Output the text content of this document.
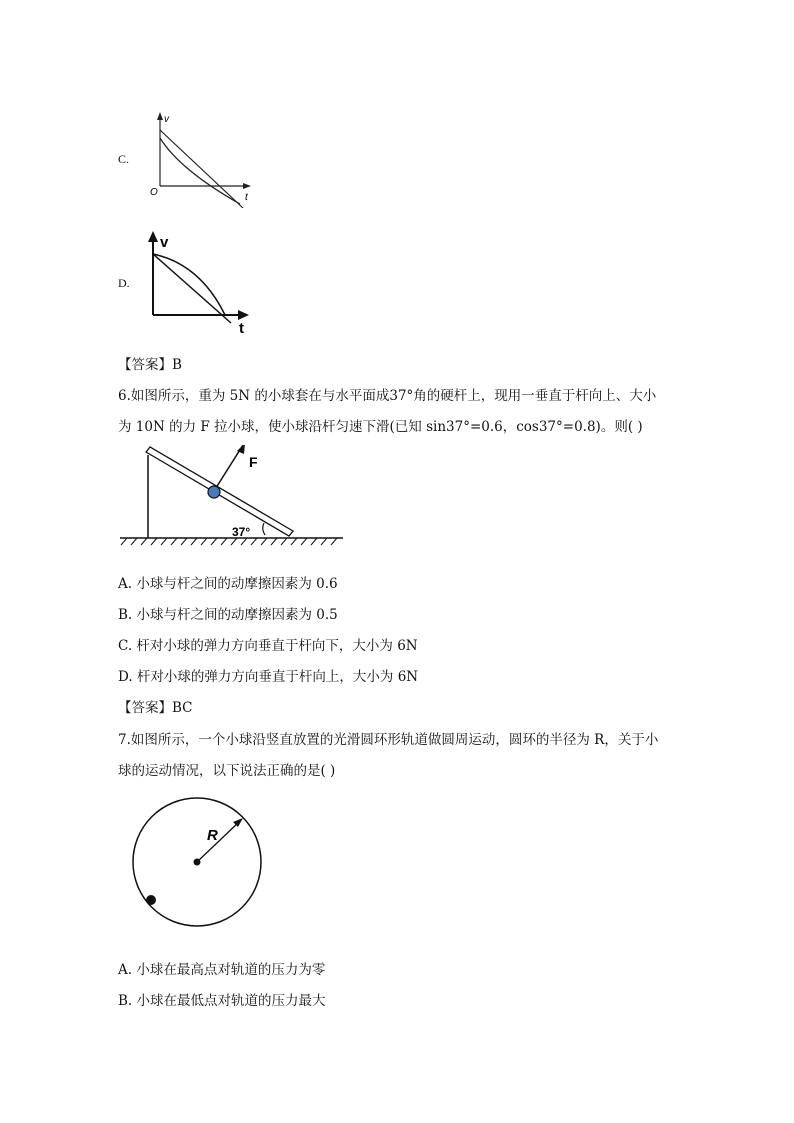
C.
v
t
O
D.
v
t
【答案】B
6.如图所示，重为 5N 的小球套在与水平面成37°角的硬杆上，现用一垂直于杆向上、大小
为 10N 的力 F 拉小球，使小球沿杆匀速下滑(已知 sin37°=0.6，cos37°=0.8)。则( )
F
37°
A. 小球与杆之间的动摩擦因素为 0.6
B. 小球与杆之间的动摩擦因素为 0.5
C. 杆对小球的弹力方向垂直于杆向下，大小为 6N
D. 杆对小球的弹力方向垂直于杆向上，大小为 6N
【答案】BC
7.如图所示，一个小球沿竖直放置的光滑圆环形轨道做圆周运动，圆环的半径为 R，关于小
球的运动情况，以下说法正确的是( )
R
A. 小球在最高点对轨道的压力为零
B. 小球在最低点对轨道的压力最大
